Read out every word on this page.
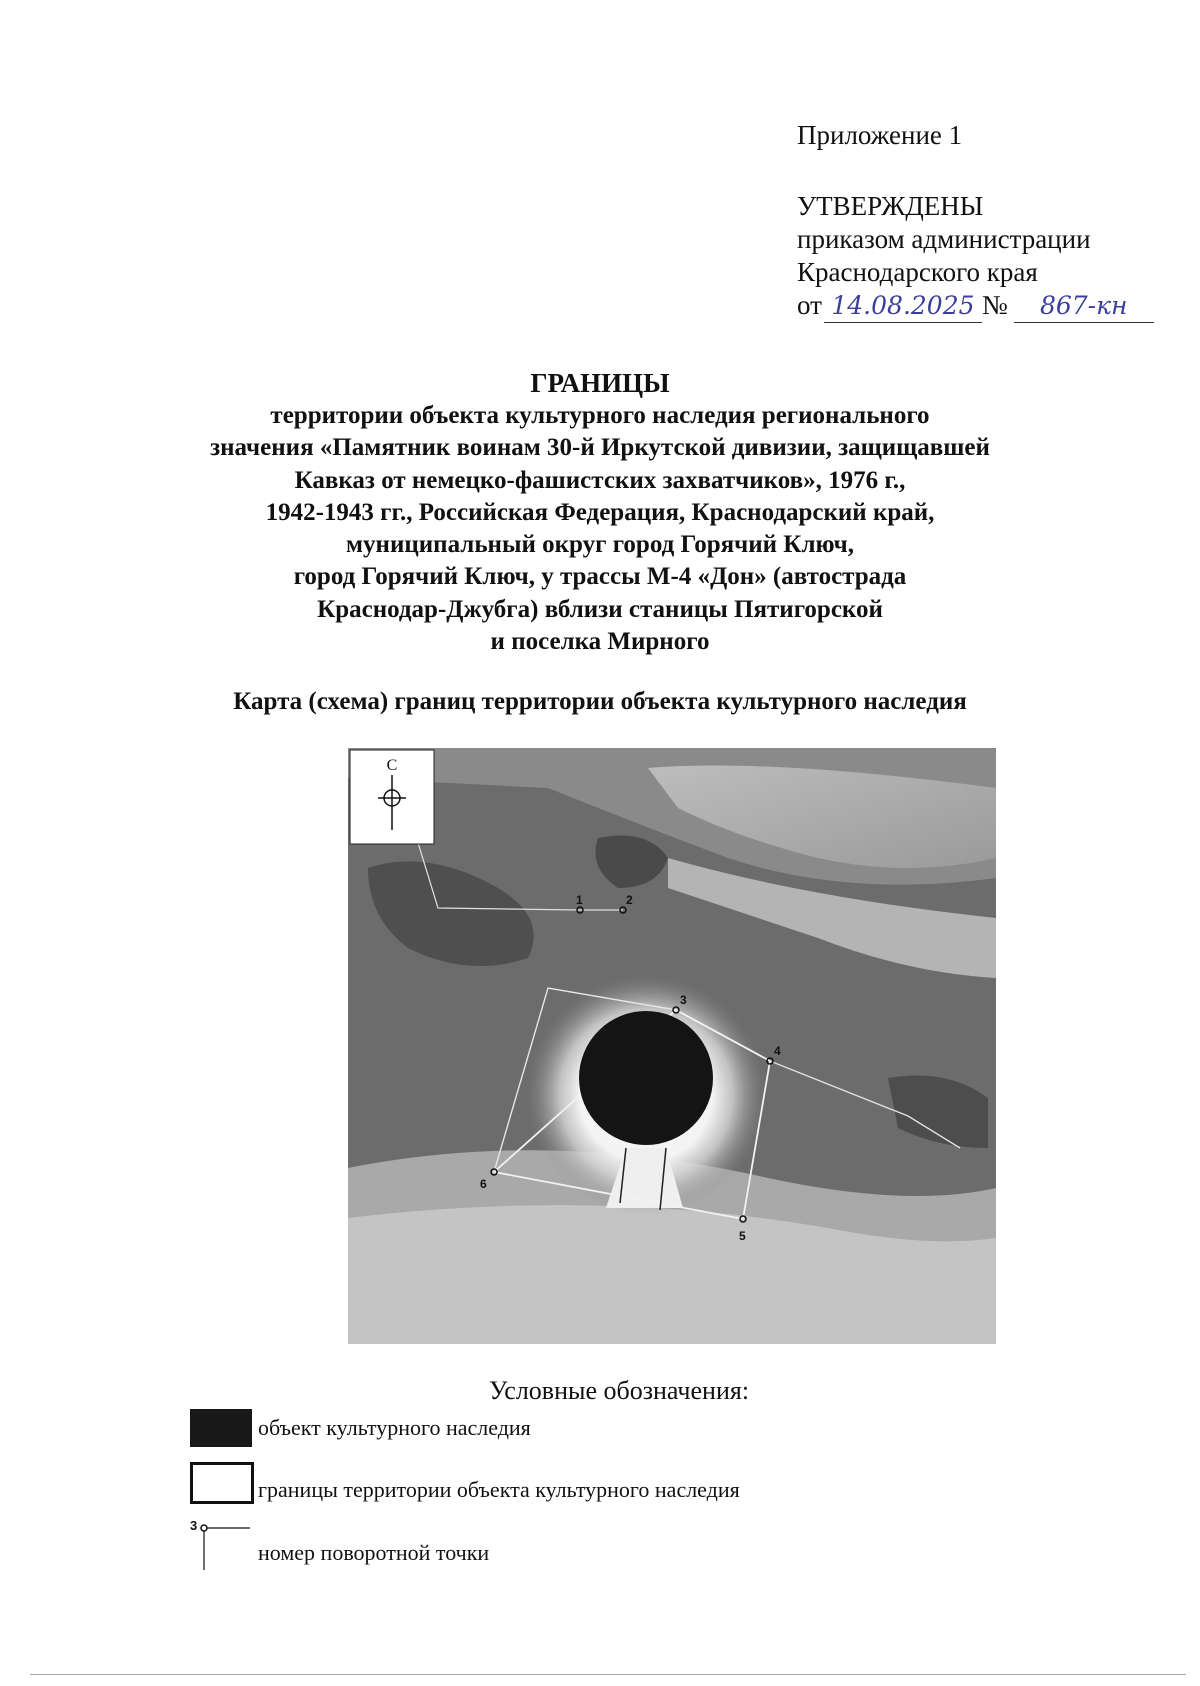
Приложение 1
УТВЕРЖДЕНЫ
приказом администрации
Краснодарского края
от 14.08.2025 № 867-кн
ГРАНИЦЫ
территории объекта культурного наследия регионального
значения «Памятник воинам 30-й Иркутской дивизии, защищавшей
Кавказ от немецко-фашистских захватчиков», 1976 г.,
1942-1943 гг., Российская Федерация, Краснодарский край,
муниципальный округ город Горячий Ключ,
город Горячий Ключ, у трассы М-4 «Дон» (автострада
Краснодар-Джубга) вблизи станицы Пятигорской
и поселка Мирного
Карта (схема) границ территории объекта культурного наследия
1	2
3
4
5
6
С
Условные обозначения:
объект культурного наследия
границы территории объекта культурного наследия
3
номер поворотной точки
